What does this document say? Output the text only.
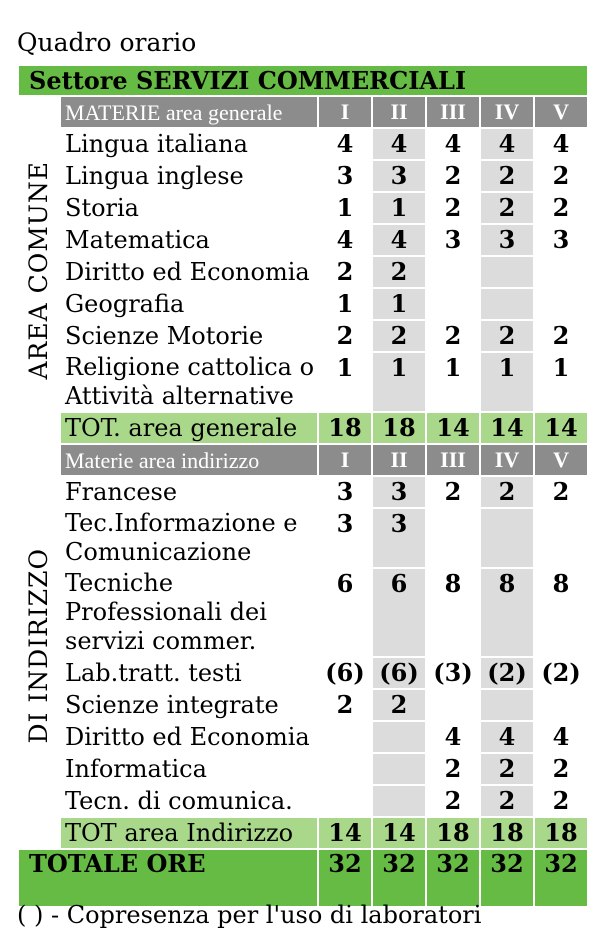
Quadro orario
Settore SERVIZI COMMERCIALI						

AREA COMUNE	MATERIE area generale	I	II	III	IV	V
	Lingua italiana	4	4	4	4	4
	Lingua inglese	3	3	2	2	2
	Storia	1	1	2	2	2
	Matematica	4	4	3	3	3
	Diritto ed Economia	2	2			
	Geografia	1	1			
	Scienze Motorie	2	2	2	2	2
	Religione cattolica o Attività alternative	1	1	1	1	1
	TOT. area generale	18	18	14	14	14

DI INDIRIZZO	Materie area indirizzo	I	II	III	IV	V
	Francese	3	3	2	2	2
	Tec.Informazione e Comunicazione	3	3			
	Tecniche Professionali dei servizi commer.	6	6	8	8	8
	Lab.tratt. testi	(6)	(6)	(3)	(2)	(2)
	Scienze integrate	2	2			
	Diritto ed Economia			4	4	4
	Informatica			2	2	2
	Tecn. di comunica.			2	2	2
	TOT area Indirizzo	14	14	18	18	18
TOTALE ORE		32	32	32	32	32
( ) - Copresenza per l'uso di laboratori
